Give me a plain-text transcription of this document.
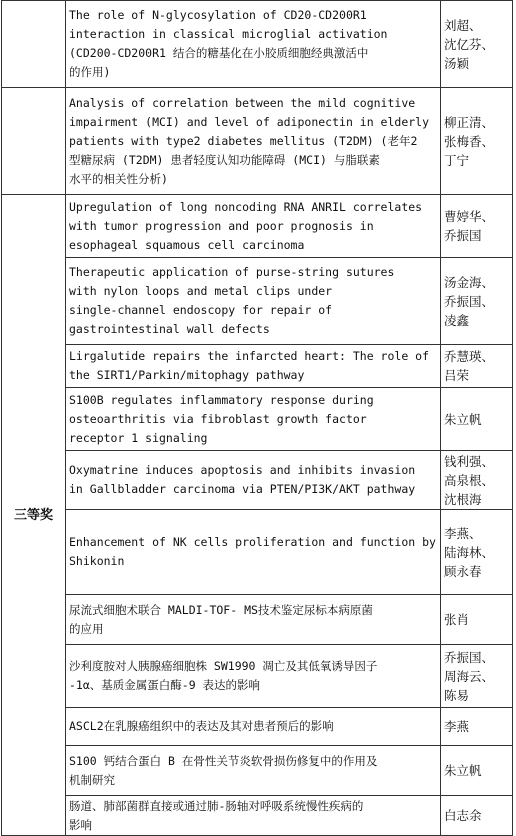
	The role of N-glycosylation of CD20-CD200R1
interaction in classical microglial activation
(CD200-CD200R1 结合的糖基化在小胶质细胞经典激活中
的作用)	刘超、
沈亿芬、
汤颖

	Analysis of correlation between the mild cognitive
impairment (MCI) and level of adiponectin in elderly
patients with type2 diabetes mellitus (T2DM) (老年2
型糖尿病 (T2DM) 患者轻度认知功能障碍 (MCI) 与脂联素
水平的相关性分析)	柳正清、
张梅香、
丁宁

三等奖	Upregulation of long noncoding RNA ANRIL correlates
with tumor progression and poor prognosis in
esophageal squamous cell carcinoma	曹婷华、
乔振国

	Therapeutic application of purse-string sutures
with nylon loops and metal clips under
single-channel endoscopy for repair of
gastrointestinal wall defects	汤金海、
乔振国、
凌鑫

	Lirgalutide repairs the infarcted heart: The role of
the SIRT1/Parkin/mitophagy pathway	乔慧瑛、
吕荣

	S100B regulates inflammatory response during
osteoarthritis via fibroblast growth factor
receptor 1 signaling	朱立帆

	Oxymatrine induces apoptosis and inhibits invasion
in Gallbladder carcinoma via PTEN/PI3K/AKT pathway	钱利强、
高泉根、
沈根海

	Enhancement of NK cells proliferation and function by
Shikonin	李燕、
陆海林、
顾永春

	尿流式细胞术联合 MALDI-TOF- MS技术鉴定尿标本病原菌
的应用	张肖

	沙利度胺对人胰腺癌细胞株 SW1990 凋亡及其低氧诱导因子
-1α、基质金属蛋白酶-9 表达的影响	乔振国、
周海云、
陈易

	ASCL2在乳腺癌组织中的表达及其对患者预后的影响	李燕

	S100 钙结合蛋白 B 在骨性关节炎软骨损伤修复中的作用及
机制研究	朱立帆

	肠道、肺部菌群直接或通过肺-肠轴对呼吸系统慢性疾病的
影响	白志余
